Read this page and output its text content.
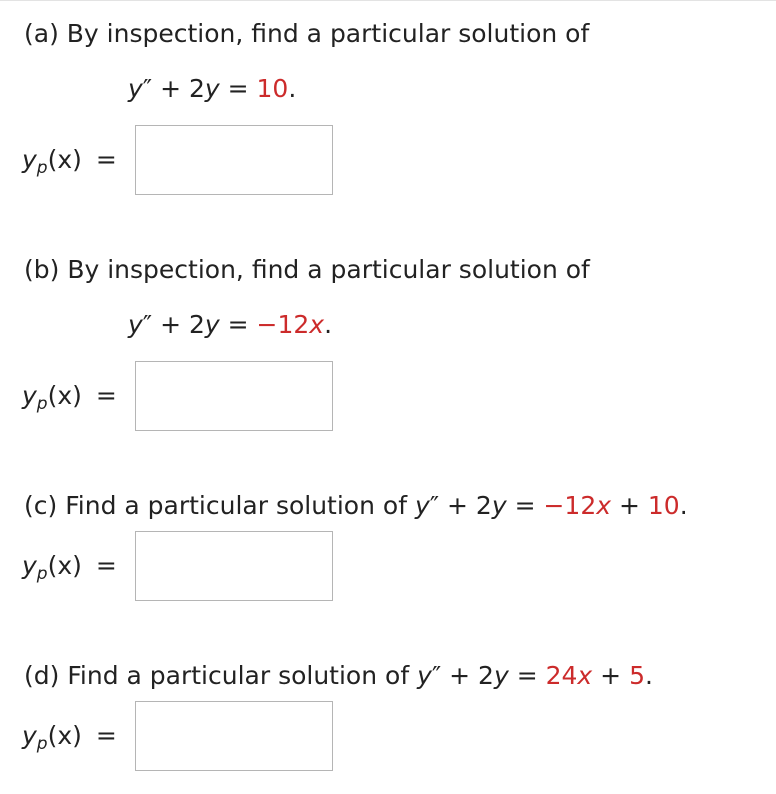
(a) By inspection, find a particular solution of
y″ + 2y = 10.
$y_p(x)$ =
(b) By inspection, find a particular solution of
y″ + 2y = −12x.
$y_p(x)$ =
(c) Find a particular solution of y″ + 2y = −12x + 10.
$y_p(x)$ =
(d) Find a particular solution of y″ + 2y = 24x + 5.
$y_p(x)$ =
